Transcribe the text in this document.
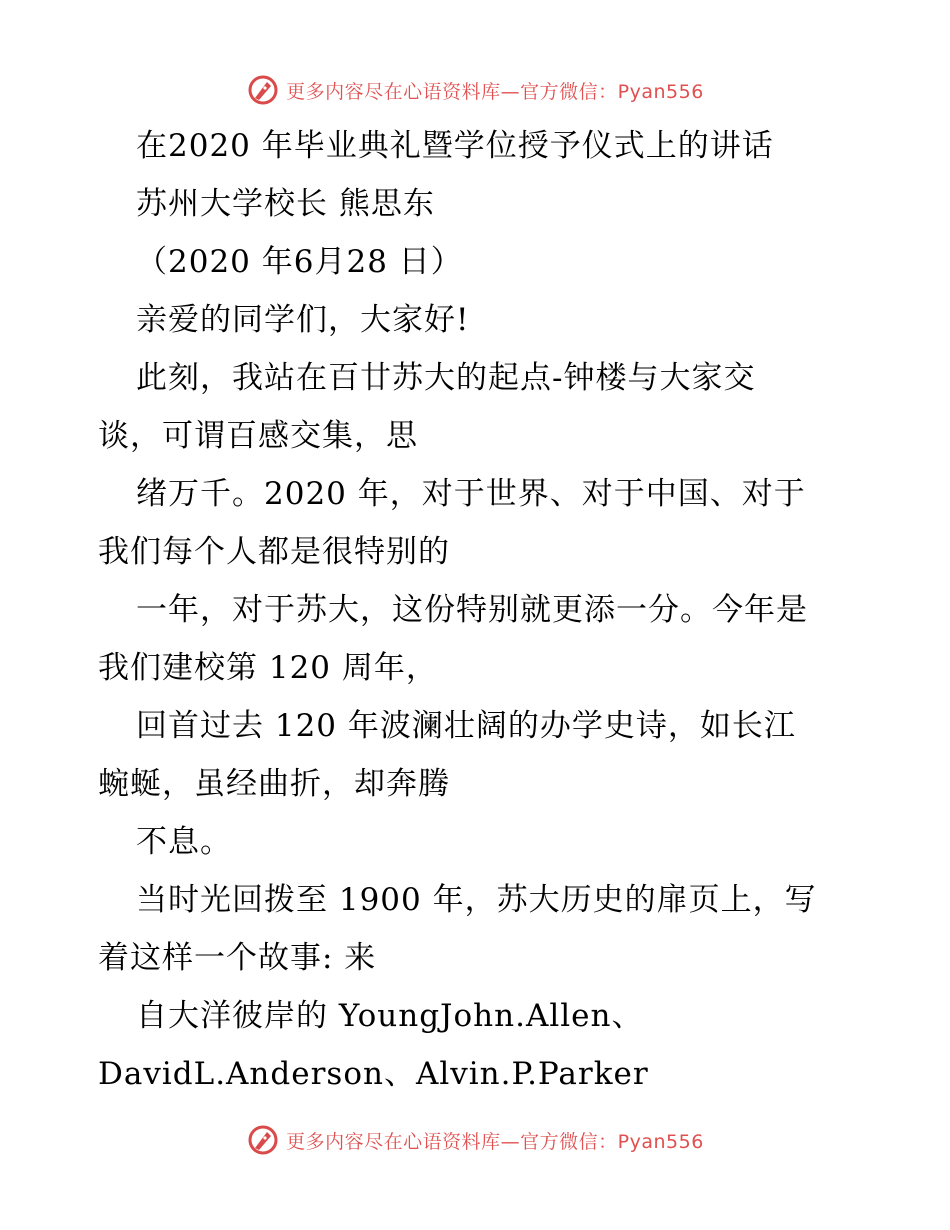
更多内容尽在心语资料库—官方微信：Pyan556
在2020 年毕业典礼暨学位授予仪式上的讲话
苏州大学校长 熊思东
（2020 年6月28 日）
亲爱的同学们，大家好!
此刻，我站在百廿苏大的起点-钟楼与大家交
谈，可谓百感交集，思
绪万千。2020 年，对于世界、对于中国、对于
我们每个人都是很特别的
一年，对于苏大，这份特别就更添一分。今年是
我们建校第 120 周年，
回首过去 120 年波澜壮阔的办学史诗，如长江
蜿蜒，虽经曲折，却奔腾
不息。
当时光回拨至 1900 年，苏大历史的扉页上，写
着这样一个故事: 来
自大洋彼岸的 YoungJohn.Allen、
DavidL.Anderson、Alvin.P.Parker
更多内容尽在心语资料库—官方微信：Pyan556
